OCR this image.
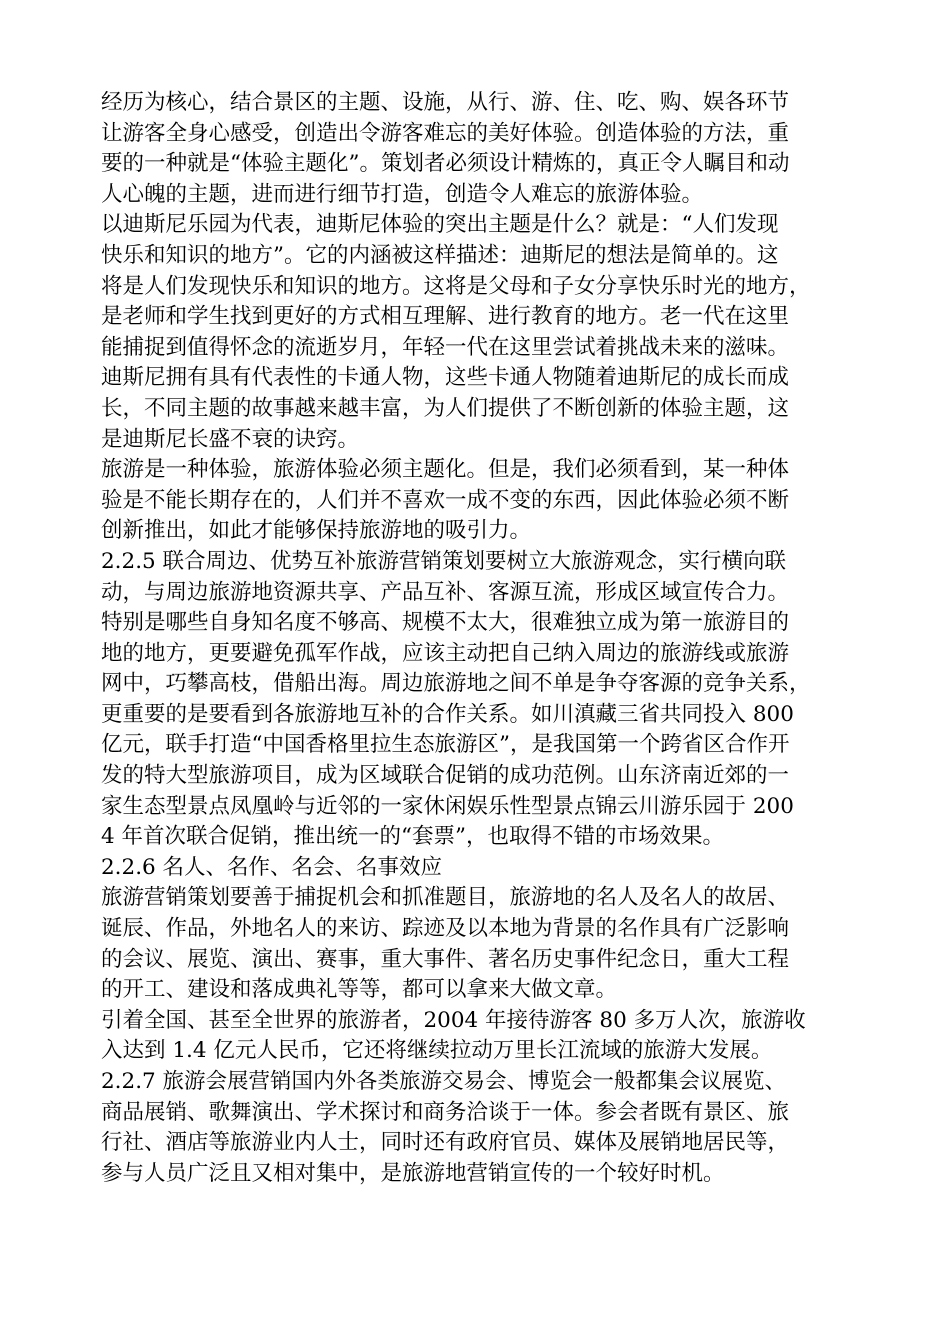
经历为核心，结合景区的主题、设施，从行、游、住、吃、购、娱各环节
让游客全身心感受，创造出令游客难忘的美好体验。创造体验的方法，重
要的一种就是“体验主题化”。策划者必须设计精炼的，真正令人瞩目和动
人心魄的主题，进而进行细节打造，创造令人难忘的旅游体验。
以迪斯尼乐园为代表，迪斯尼体验的突出主题是什么？就是：“人们发现
快乐和知识的地方”。它的内涵被这样描述：迪斯尼的想法是简单的。这
将是人们发现快乐和知识的地方。这将是父母和子女分享快乐时光的地方，
是老师和学生找到更好的方式相互理解、进行教育的地方。老一代在这里
能捕捉到值得怀念的流逝岁月，年轻一代在这里尝试着挑战未来的滋味。
迪斯尼拥有具有代表性的卡通人物，这些卡通人物随着迪斯尼的成长而成
长，不同主题的故事越来越丰富，为人们提供了不断创新的体验主题，这
是迪斯尼长盛不衰的诀窍。
旅游是一种体验，旅游体验必须主题化。但是，我们必须看到，某一种体
验是不能长期存在的，人们并不喜欢一成不变的东西，因此体验必须不断
创新推出，如此才能够保持旅游地的吸引力。
2.2.5 联合周边、优势互补旅游营销策划要树立大旅游观念，实行横向联
动，与周边旅游地资源共享、产品互补、客源互流，形成区域宣传合力。
特别是哪些自身知名度不够高、规模不太大，很难独立成为第一旅游目的
地的地方，更要避免孤军作战，应该主动把自己纳入周边的旅游线或旅游
网中，巧攀高枝，借船出海。周边旅游地之间不单是争夺客源的竞争关系，
更重要的是要看到各旅游地互补的合作关系。如川滇藏三省共同投入 800
亿元，联手打造“中国香格里拉生态旅游区”，是我国第一个跨省区合作开
发的特大型旅游项目，成为区域联合促销的成功范例。山东济南近郊的一
家生态型景点凤凰岭与近邻的一家休闲娱乐性型景点锦云川游乐园于 200
4 年首次联合促销，推出统一的“套票”，也取得不错的市场效果。
2.2.6 名人、名作、名会、名事效应
旅游营销策划要善于捕捉机会和抓准题目，旅游地的名人及名人的故居、
诞辰、作品，外地名人的来访、踪迹及以本地为背景的名作具有广泛影响
的会议、展览、演出、赛事，重大事件、著名历史事件纪念日，重大工程
的开工、建设和落成典礼等等，都可以拿来大做文章。
引着全国、甚至全世界的旅游者，2004 年接待游客 80 多万人次，旅游收
入达到 1.4 亿元人民币，它还将继续拉动万里长江流域的旅游大发展。
2.2.7 旅游会展营销国内外各类旅游交易会、博览会一般都集会议展览、
商品展销、歌舞演出、学术探讨和商务洽谈于一体。参会者既有景区、旅
行社、酒店等旅游业内人士，同时还有政府官员、媒体及展销地居民等，
参与人员广泛且又相对集中，是旅游地营销宣传的一个较好时机。
